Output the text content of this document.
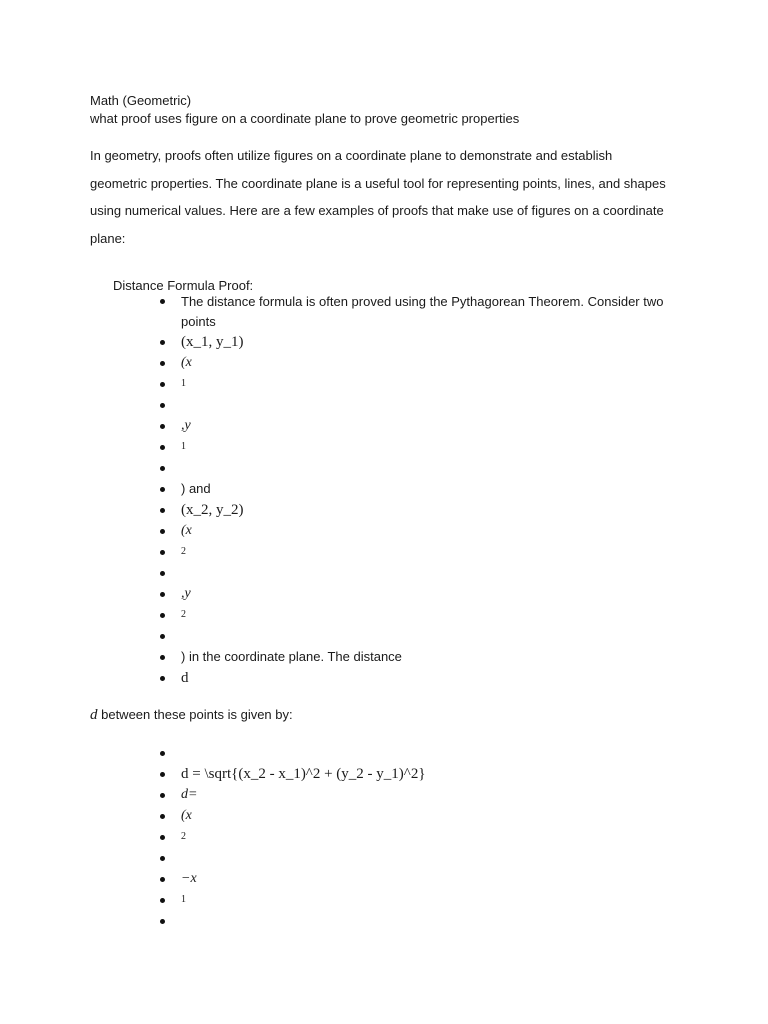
Math (Geometric)
what proof uses figure on a coordinate plane to prove geometric properties

In geometry, proofs often utilize figures on a coordinate plane to demonstrate and establish

geometric properties. The coordinate plane is a useful tool for representing points, lines, and shapes

using numerical values. Here are a few examples of proofs that make use of figures on a coordinate

plane:

Distance Formula Proof:
The distance formula is often proved using the Pythagorean Theorem. Consider two points
(x_1, y_1)
(x
1
,y
1
) and
(x_2, y_2)
(x
2
,y
2
) in the coordinate plane. The distance
d
d between these points is given by:
d = \sqrt{(x_2 - x_1)^2 + (y_2 - y_1)^2}
d=
(x
2
−x
1
